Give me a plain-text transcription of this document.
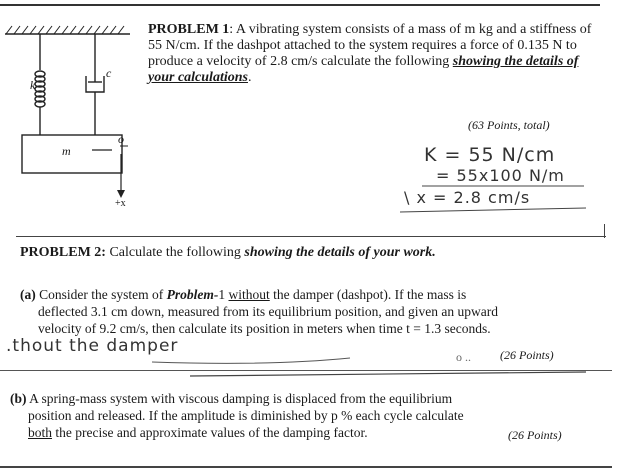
k
c
m
o
+x

PROBLEM 1: A vibrating system consists of a mass of m kg and a stiffness of 55 N/cm. If the dashpot attached to the system requires a force of 0.135 N to produce a velocity of 2.8 cm/s calculate the following showing the details of your calculations.

(63 Points, total)
K = 55 N/cm
= 55x100 N/m
\ x = 2.8 cm/s
PROBLEM 2: Calculate the following showing the details of your work.
(a) Consider the system of Problem-1 without the damper (dashpot). If the mass is
deflected 3.1 cm down, measured from its equilibrium position, and given an upward
velocity of 9.2 cm/s, then calculate its position in meters when time t = 1.3 seconds.
.thout the damper
o .. (26 Points)
(b) A spring-mass system with viscous damping is displaced from the equilibrium
position and released. If the amplitude is diminished by p % each cycle calculate
both the precise and approximate values of the damping factor.	(26 Points)
